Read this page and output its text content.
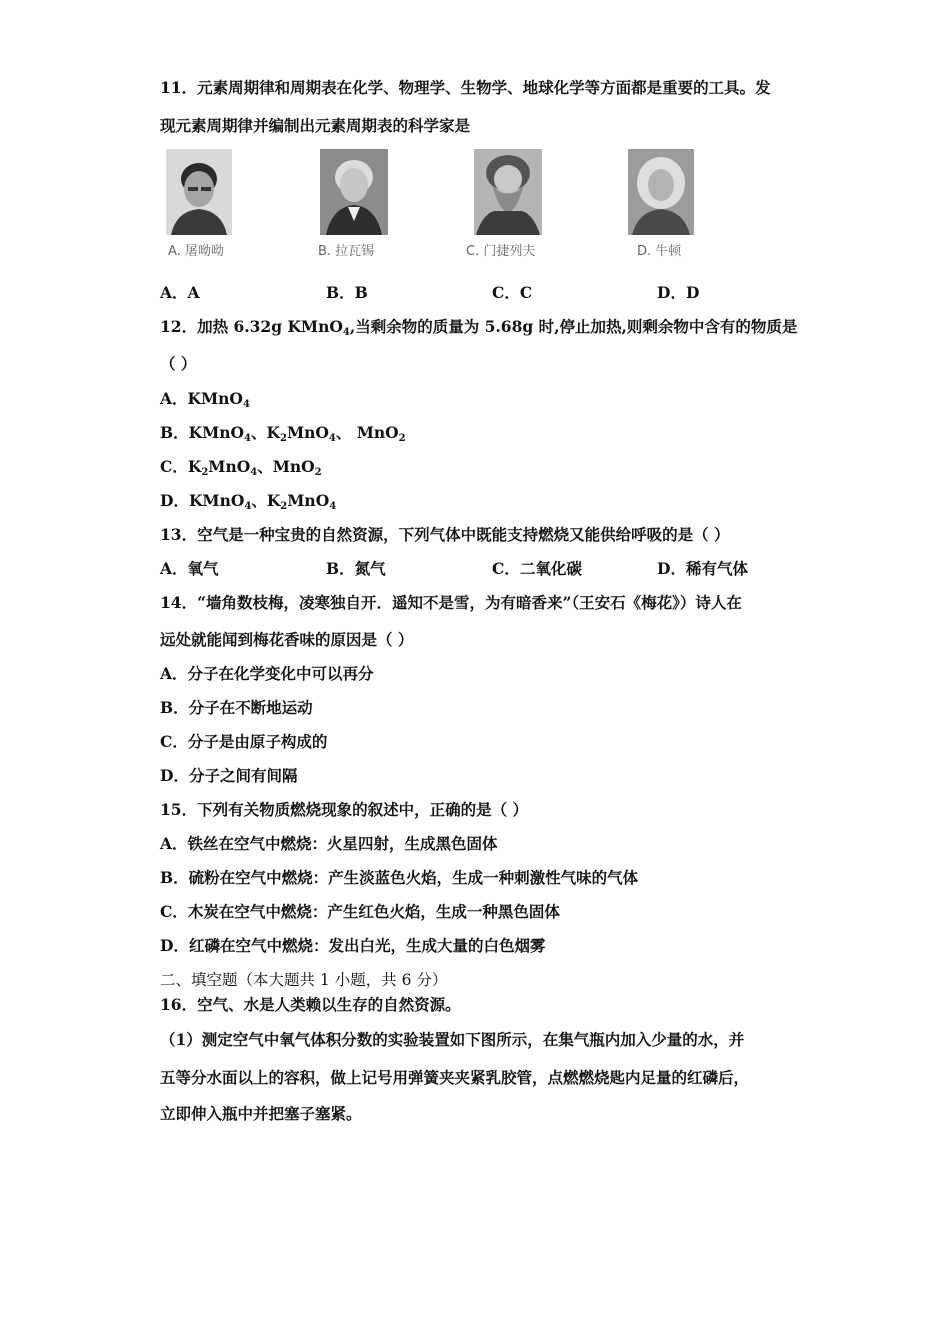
11．元素周期律和周期表在化学、物理学、生物学、地球化学等方面都是重要的工具。发
现元素周期律并编制出元素周期表的科学家是
A. 屠呦呦	B. 拉瓦锡	C. 门捷列夫	D. 牛顿
A．A	B．B	C．C	D．D
12．加热 6.32g KMnO$_4$,当剩余物的质量为 5.68g 时,停止加热,则剩余物中含有的物质是
（ ）
A．KMnO$_4$
B．KMnO$_4$、$K_2MnO_4$、 MnO$_2$
C．$K_2MnO_4$、MnO$_2$
D．KMnO$_4$、$K_2MnO_4$
13．空气是一种宝贵的自然资源，下列气体中既能支持燃烧又能供给呼吸的是（ ）
A．氧气	B．氮气	C．二氧化碳	D．稀有气体
14．“墙角数枝梅，凌寒独自开．遥知不是雪，为有暗香来”（王安石《梅花》）诗人在
远处就能闻到梅花香味的原因是（ ）
A．分子在化学变化中可以再分
B．分子在不断地运动
C．分子是由原子构成的
D．分子之间有间隔
15．下列有关物质燃烧现象的叙述中，正确的是（ ）
A．铁丝在空气中燃烧：火星四射，生成黑色固体
B．硫粉在空气中燃烧：产生淡蓝色火焰，生成一种刺激性气味的气体
C．木炭在空气中燃烧：产生红色火焰，生成一种黑色固体
D．红磷在空气中燃烧：发出白光，生成大量的白色烟雾
二、填空题（本大题共 1 小题，共 6 分）
16．空气、水是人类赖以生存的自然资源。
（1）测定空气中氧气体积分数的实验装置如下图所示，在集气瓶内加入少量的水，并
五等分水面以上的容积，做上记号用弹簧夹夹紧乳胶管，点燃燃烧匙内足量的红磷后，
立即伸入瓶中并把塞子塞紧。
